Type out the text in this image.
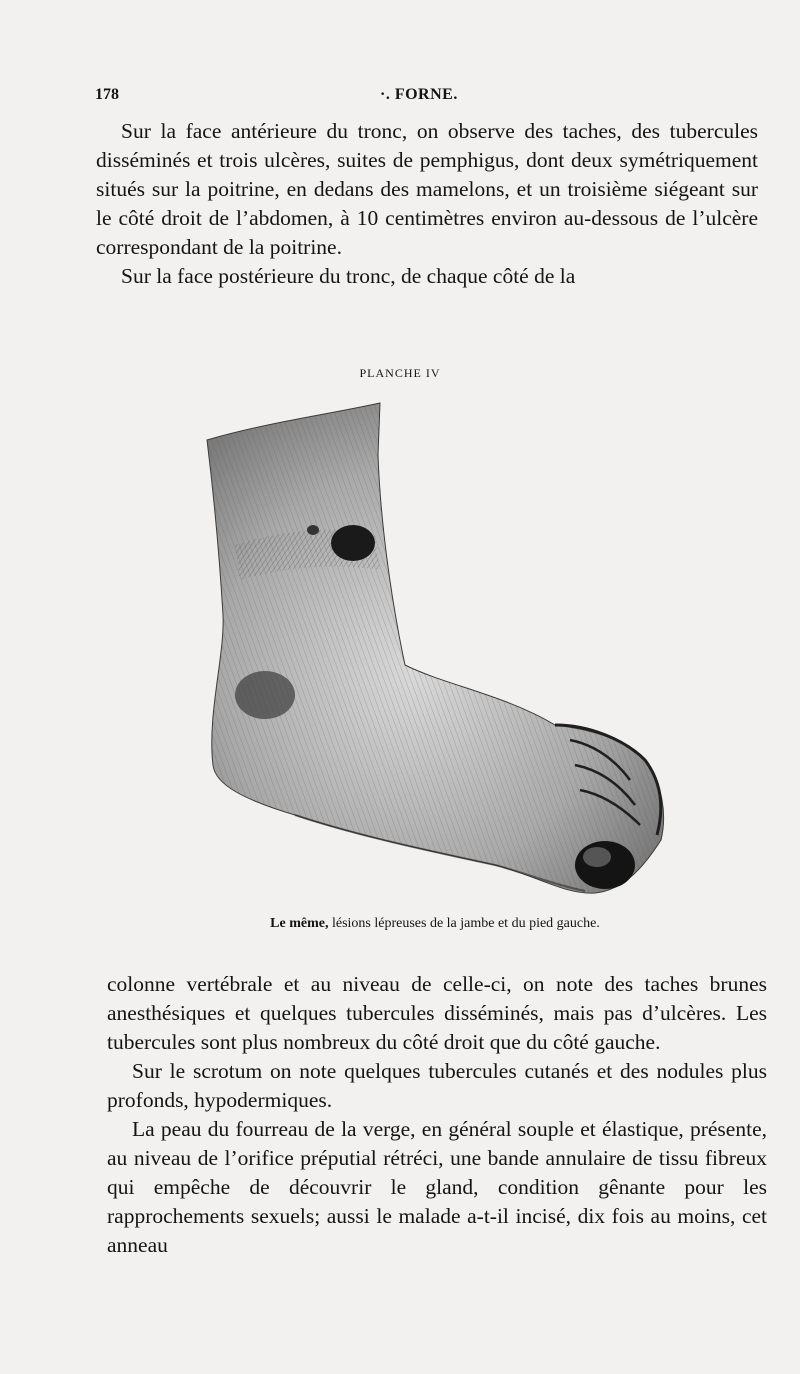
178	·. FORNE.

Sur la face antérieure du tronc, on observe des taches, des tubercules disséminés et trois ulcères, suites de pemphigus, dont deux symétriquement situés sur la poitrine, en dedans des mamelons, et un troisième siégeant sur le côté droit de l’abdomen, à 10 centimètres environ au-dessous de l’ulcère correspondant de la poitrine.

Sur la face postérieure du tronc, de chaque côté de la

PLANCHE IV
Le même, lésions lépreuses de la jambe et du pied gauche.

colonne vertébrale et au niveau de celle-ci, on note des taches brunes anesthésiques et quelques tubercules disséminés, mais pas d’ulcères. Les tubercules sont plus nombreux du côté droit que du côté gauche.

Sur le scrotum on note quelques tubercules cutanés et des nodules plus profonds, hypodermiques.

La peau du fourreau de la verge, en général souple et élastique, présente, au niveau de l’orifice préputial rétréci, une bande annulaire de tissu fibreux qui empêche de découvrir le gland, condition gênante pour les rapprochements sexuels; aussi le malade a-t-il incisé, dix fois au moins, cet anneau
